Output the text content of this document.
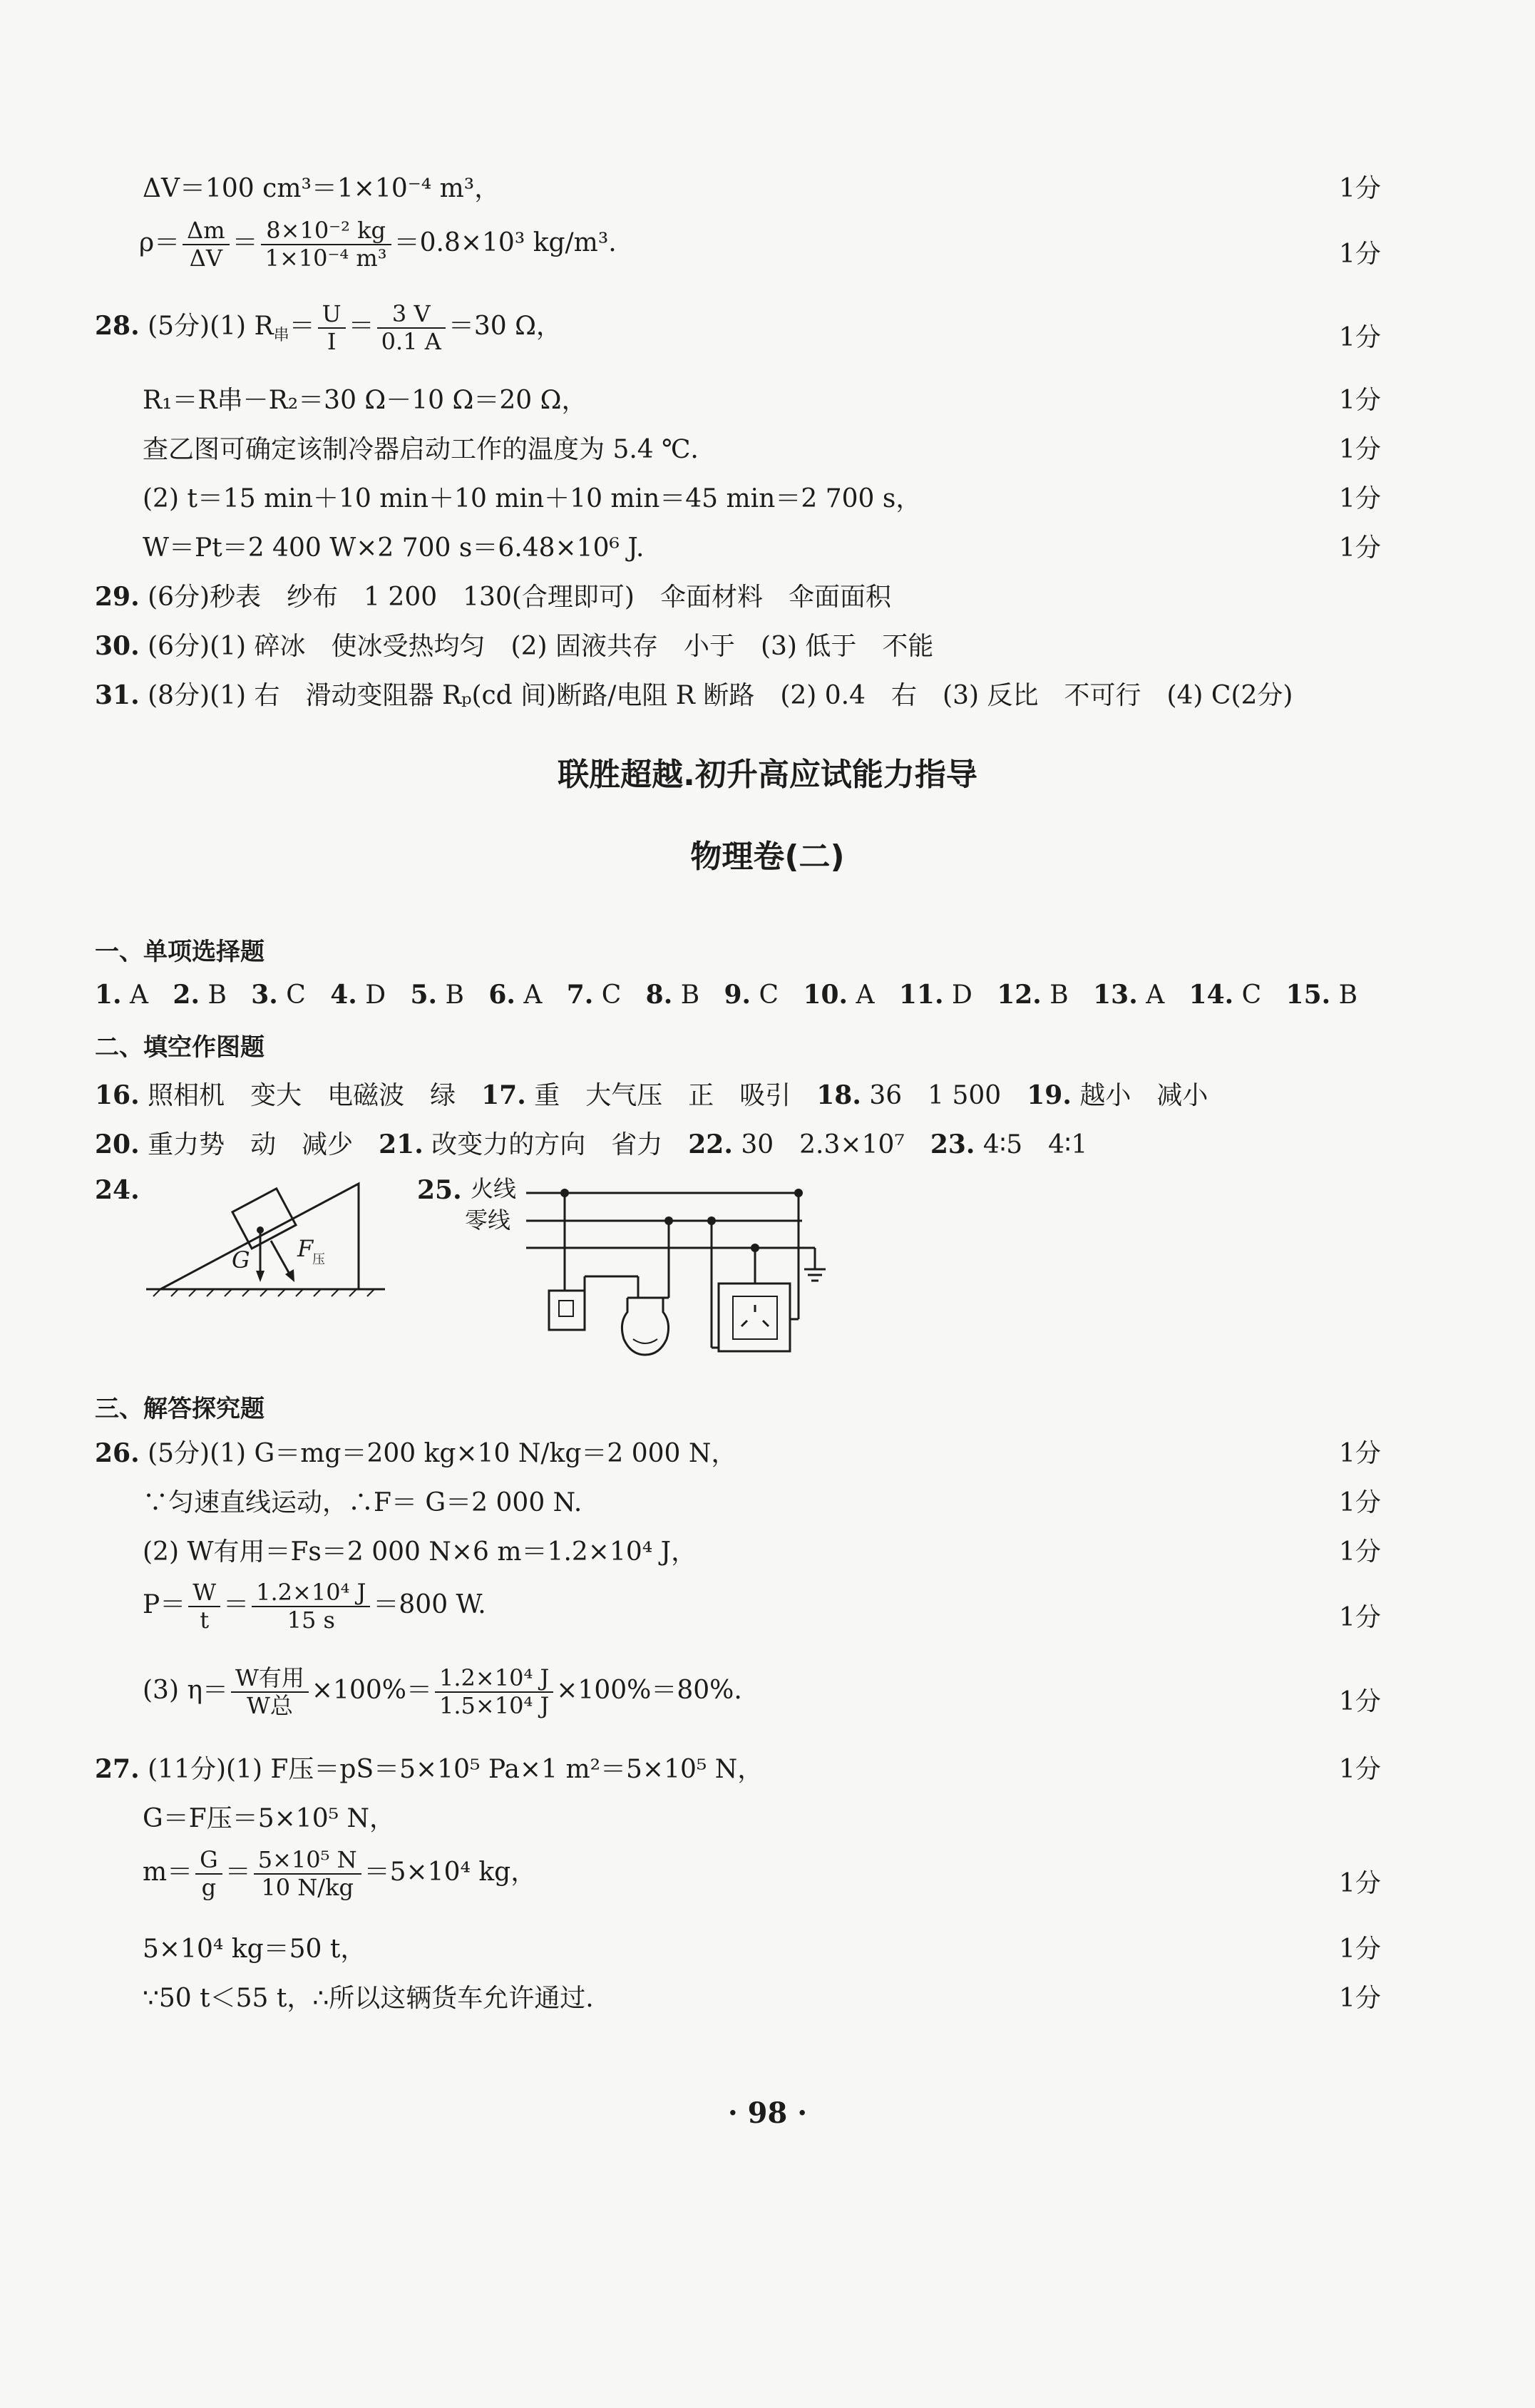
ΔV＝100 cm³＝1×10⁻⁴ m³，	1分
$\rho= \frac{\Delta m}{\Delta V} = \frac{\text{8×10⁻² kg}}{\text{1×10⁻⁴ m³}} =0.8\times 10^3$ kg/m³.	1分
28. (5分)(1) $R_串= \frac{U}{I} = \frac{3 V}{0.1 A} =30$ Ω，	1分
R₁＝R串－R₂＝30 Ω－10 Ω＝20 Ω，	1分
查乙图可确定该制冷器启动工作的温度为 5.4 ℃.	1分
(2) t＝15 min＋10 min＋10 min＋10 min＝45 min＝2 700 s，	1分
W＝Pt＝2 400 W×2 700 s＝6.48×10⁶ J.	1分
29. (6分)秒表　纱布　1 200　130(合理即可)　伞面材料　伞面面积
30. (6分)(1) 碎冰　使冰受热均匀　(2) 固液共存　小于　(3) 低于　不能
31. (8分)(1) 右　滑动变阻器 Rₚ(cd 间)断路/电阻 R 断路　(2) 0.4　右　(3) 反比　不可行　(4) C(2分)
联胜超越.初升高应试能力指导
物理卷(二)
一、单项选择题
1. A 2. B 3. C 4. D 5. B 6. A 7. C 8. B 9. C 10. A 11. D 12. B 13. A 14. C 15. B
二、填空作图题
16. 照相机　变大　电磁波　绿　 17. 重　大气压　正　吸引　 18. 36　1 500　 19. 越小　减小
20. 重力势　动　减少　 21. 改变力的方向　省力　 22. 30　2.3×10⁷　 23. 4∶5　4∶1
24.
G F
压
25. 火线
零线
三、解答探究题
26. (5分)(1) G＝mg＝200 kg×10 N/kg＝2 000 N，	1分
∵匀速直线运动，∴F＝ G＝2 000 N.	1分
(2) W有用＝Fs＝2 000 N×6 m＝1.2×10⁴ J，	1分
$P= \frac{W}{t} = \frac{\text{1.2×10⁴ J}}{15 s} =800$ W.	1分
(3) $\eta= \frac{\text{W有用}}{\text{W总}} \times 100\%= \frac{\text{1.2×10⁴ J}}{\text{1.5×10⁴ J}} \times 100\%=80\%$.	1分
27. (11分)(1) F压＝pS＝5×10⁵ Pa×1 m²＝5×10⁵ N，	1分
G＝F压＝5×10⁵ N，
$m= \frac{G}{g} = \frac{\text{5×10⁵ N}}{10 N/kg} =5\times 10^4$ kg，	1分
5×10⁴ kg＝50 t，	1分
∵50 t＜55 t，∴所以这辆货车允许通过.	1分
· 98 ·
